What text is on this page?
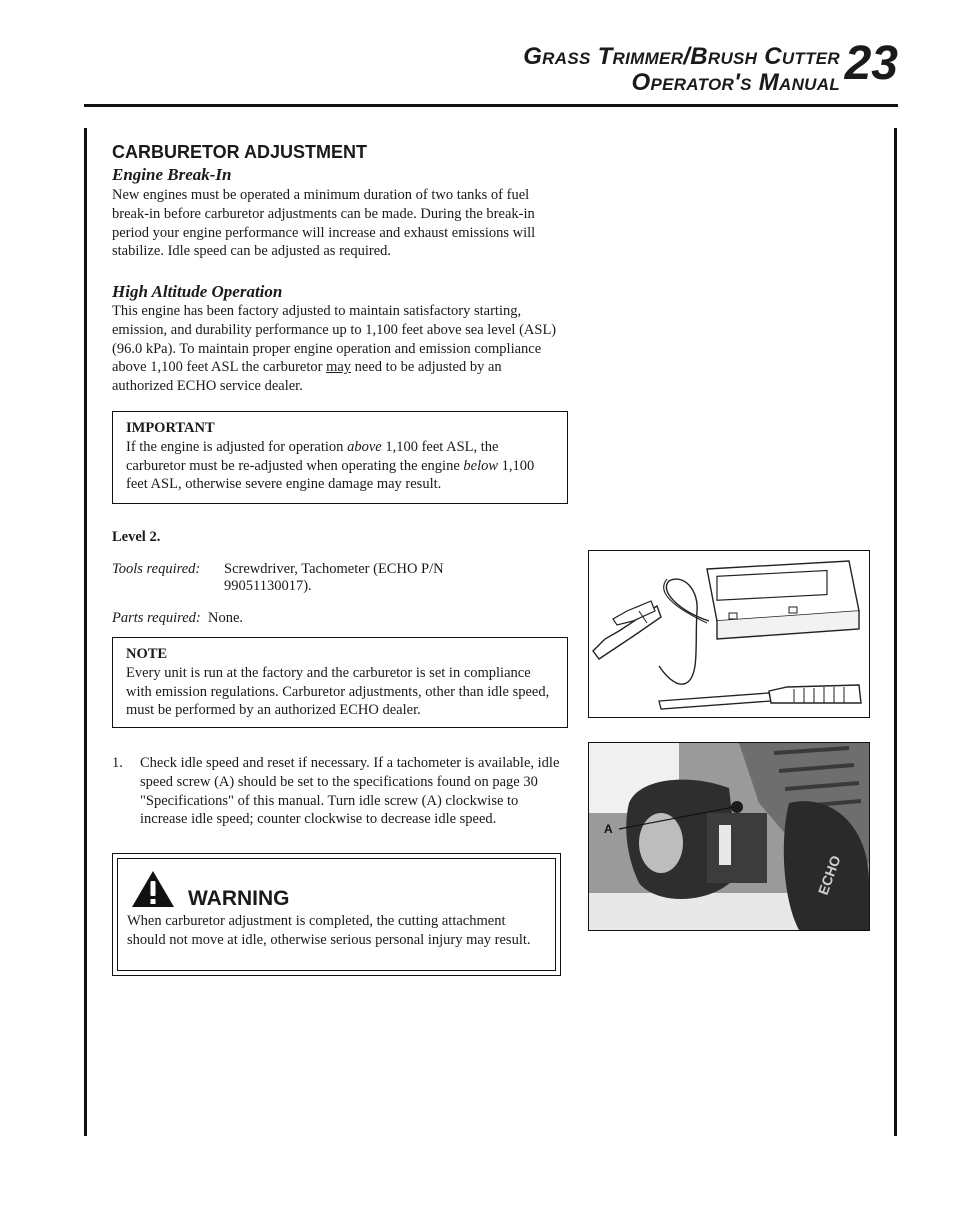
Grass Trimmer/Brush Cutter
Operator's Manual 23
CARBURETOR ADJUSTMENT
Engine Break-In
New engines must be operated a minimum duration of two tanks of fuel break-in before carburetor adjustments can be made. During the break-in period your engine performance will increase and exhaust emissions will stabilize. Idle speed can be adjusted as required.
High Altitude Operation
This engine has been factory adjusted to maintain satisfactory starting, emission, and durability performance up to 1,100 feet above sea level (ASL) (96.0 kPa). To maintain proper engine operation and emission compliance above 1,100 feet ASL the carburetor may need to be adjusted by an authorized ECHO service dealer.
IMPORTANT
If the engine is adjusted for operation above 1,100 feet ASL, the carburetor must be re-adjusted when operating the engine below 1,100 feet ASL, otherwise severe engine damage may result.
Level 2.
Tools required: Screwdriver, Tachometer (ECHO P/N 99051130017).
Parts required: None.
NOTE
Every unit is run at the factory and the carburetor is set in compliance with emission regulations. Carburetor adjustments, other than idle speed, must be performed by an authorized ECHO dealer.
1. Check idle speed and reset if necessary. If a tachometer is available, idle speed screw (A) should be set to the specifications found on page 30 "Specifications" of this manual. Turn idle screw (A) clockwise to increase idle speed; counter clockwise to decrease idle speed.
WARNING
When carburetor adjustment is completed, the cutting attachment should not move at idle, otherwise serious personal injury may result.
ECHO
A
